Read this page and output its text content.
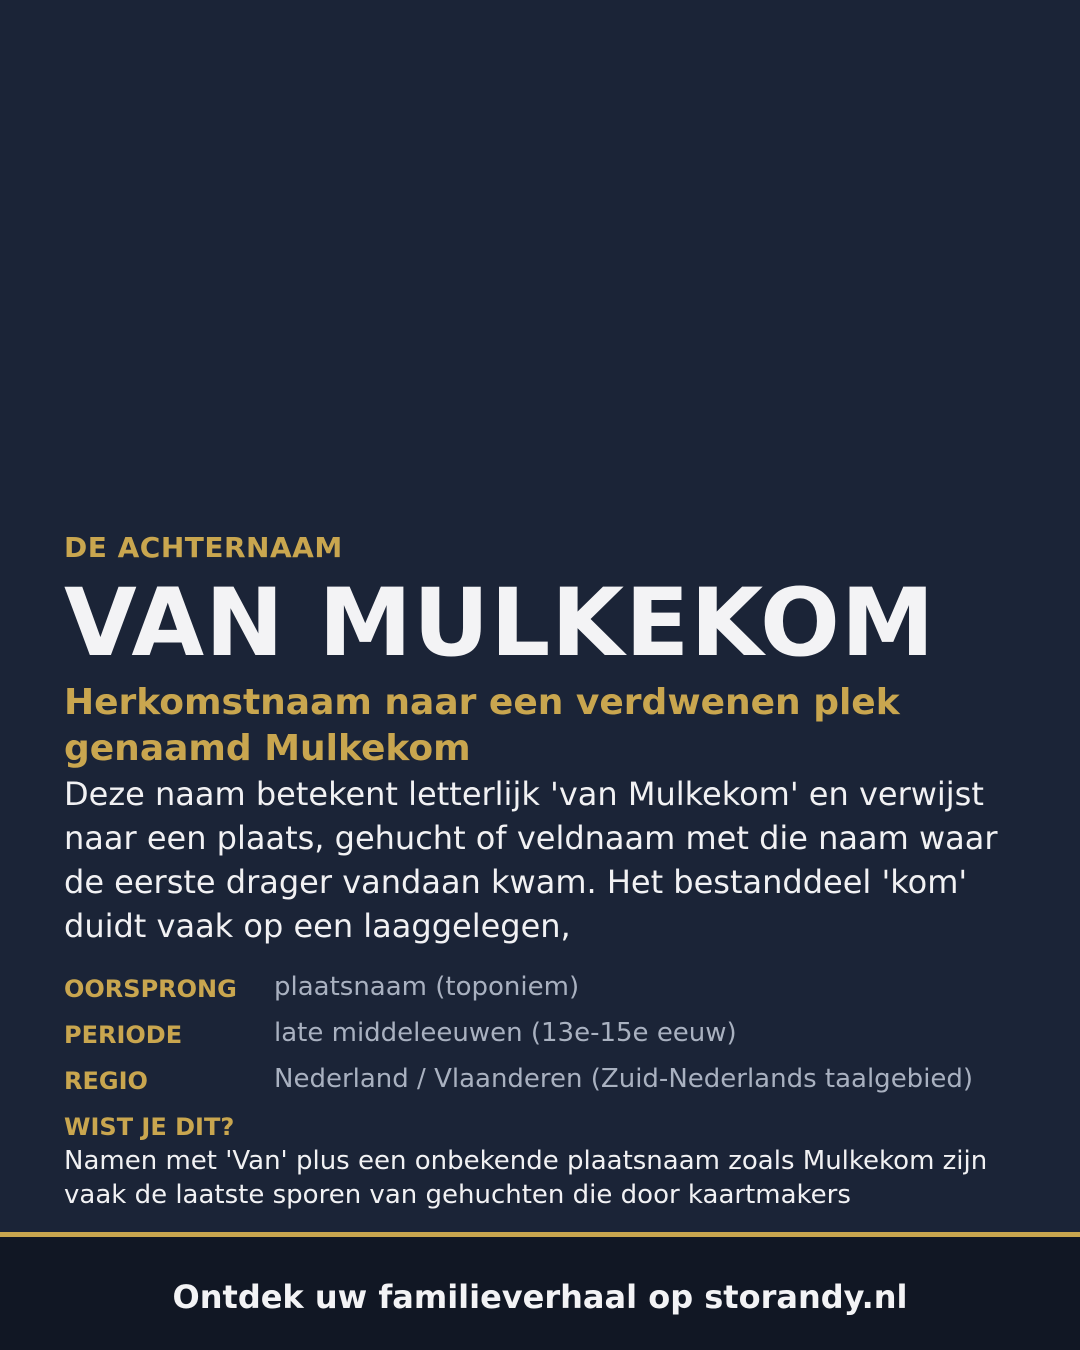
DE ACHTERNAAM
VAN MULKEKOM
Herkomstnaam naar een verdwenen plek genaamd Mulkekom
Deze naam betekent letterlijk 'van Mulkekom' en verwijst naar een plaats, gehucht of veldnaam met die naam waar de eerste drager vandaan kwam. Het bestanddeel 'kom' duidt vaak op een laaggelegen,
OORSPRONG	plaatsnaam (toponiem)
PERIODE	late middeleeuwen (13e-15e eeuw)
REGIO	Nederland / Vlaanderen (Zuid-Nederlands taalgebied)
WIST JE DIT?
Namen met 'Van' plus een onbekende plaatsnaam zoals Mulkekom zijn vaak de laatste sporen van gehuchten die door kaartmakers
Ontdek uw familieverhaal op storandy.nl
